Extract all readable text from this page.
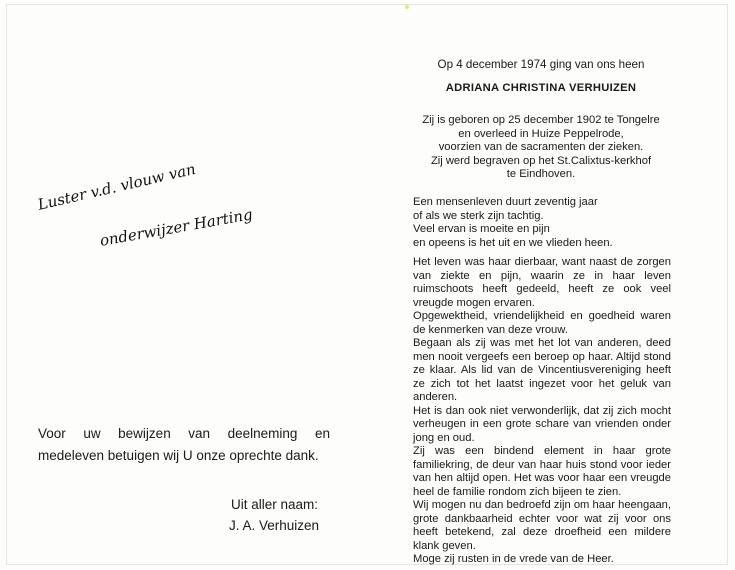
Luster v.d. vlouw van
onderwijzer Harting
Voor uw bewijzen van deelneming en medeleven betuigen wij U onze oprechte dank.
Uit aller naam:
J. A. Verhuizen
Op 4 december 1974 ging van ons heen
ADRIANA CHRISTINA VERHUIZEN
Zij is geboren op 25 december 1902 te Tongelre
en overleed in Huize Peppelrode,
voorzien van de sacramenten der zieken.
Zij werd begraven op het St.Calixtus-kerkhof
te Eindhoven.
Een mensenleven duurt zeventig jaar
of als we sterk zijn tachtig.
Veel ervan is moeite en pijn
en opeens is het uit en we vlieden heen.

Het leven was haar dierbaar, want naast de zorgen van ziekte en pijn, waarin ze in haar leven ruimschoots heeft gedeeld, heeft ze ook veel vreugde mogen ervaren.

Opgewektheid, vriendelijkheid en goedheid waren de kenmerken van deze vrouw.

Begaan als zij was met het lot van anderen, deed men nooit vergeefs een beroep op haar. Altijd stond ze klaar. Als lid van de Vincentiusvereniging heeft ze zich tot het laatst ingezet voor het geluk van anderen.

Het is dan ook niet verwonderlijk, dat zij zich mocht verheugen in een grote schare van vrienden onder jong en oud.

Zij was een bindend element in haar grote familiekring, de deur van haar huis stond voor ieder van hen altijd open. Het was voor haar een vreugde heel de familie rondom zich bijeen te zien.

Wij mogen nu dan bedroefd zijn om haar heengaan, grote dankbaarheid echter voor wat zij voor ons heeft betekend, zal deze droefheid een mildere klank geven.

Moge zij rusten in de vrede van de Heer.
